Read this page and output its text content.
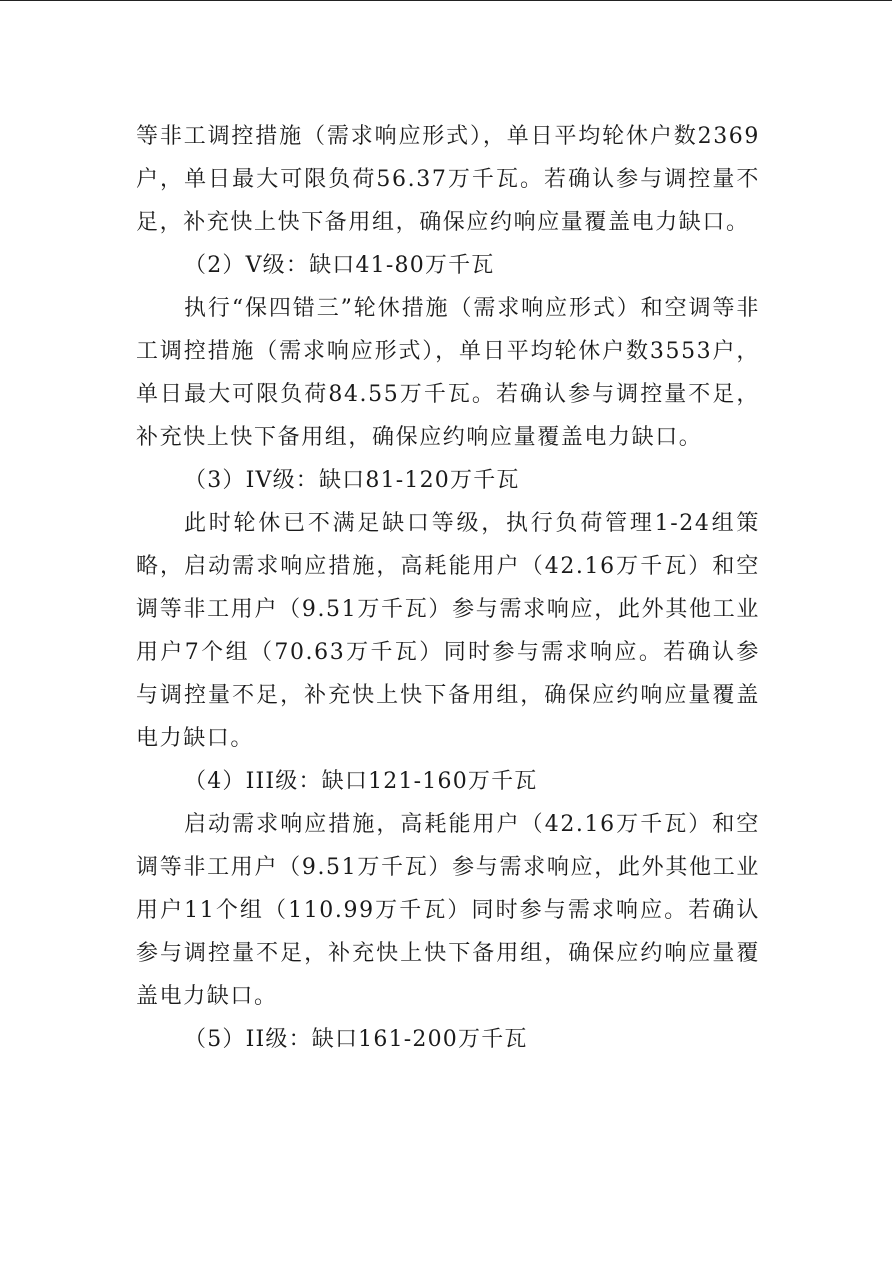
等非工调控措施（需求响应形式），单日平均轮休户数2369户，单日最大可限负荷56.37万千瓦。若确认参与调控量不足，补充快上快下备用组，确保应约响应量覆盖电力缺口。

（2）V级：缺口41-80万千瓦

执行“保四错三”轮休措施（需求响应形式）和空调等非工调控措施（需求响应形式），单日平均轮休户数3553户，单日最大可限负荷84.55万千瓦。若确认参与调控量不足，补充快上快下备用组，确保应约响应量覆盖电力缺口。

（3）IV级：缺口81-120万千瓦

此时轮休已不满足缺口等级，执行负荷管理1-24组策略，启动需求响应措施，高耗能用户（42.16万千瓦）和空调等非工用户（9.51万千瓦）参与需求响应，此外其他工业用户7个组（70.63万千瓦）同时参与需求响应。若确认参与调控量不足，补充快上快下备用组，确保应约响应量覆盖电力缺口。

（4）III级：缺口121-160万千瓦

启动需求响应措施，高耗能用户（42.16万千瓦）和空调等非工用户（9.51万千瓦）参与需求响应，此外其他工业用户11个组（110.99万千瓦）同时参与需求响应。若确认参与调控量不足，补充快上快下备用组，确保应约响应量覆盖电力缺口。

（5）II级：缺口161-200万千瓦
